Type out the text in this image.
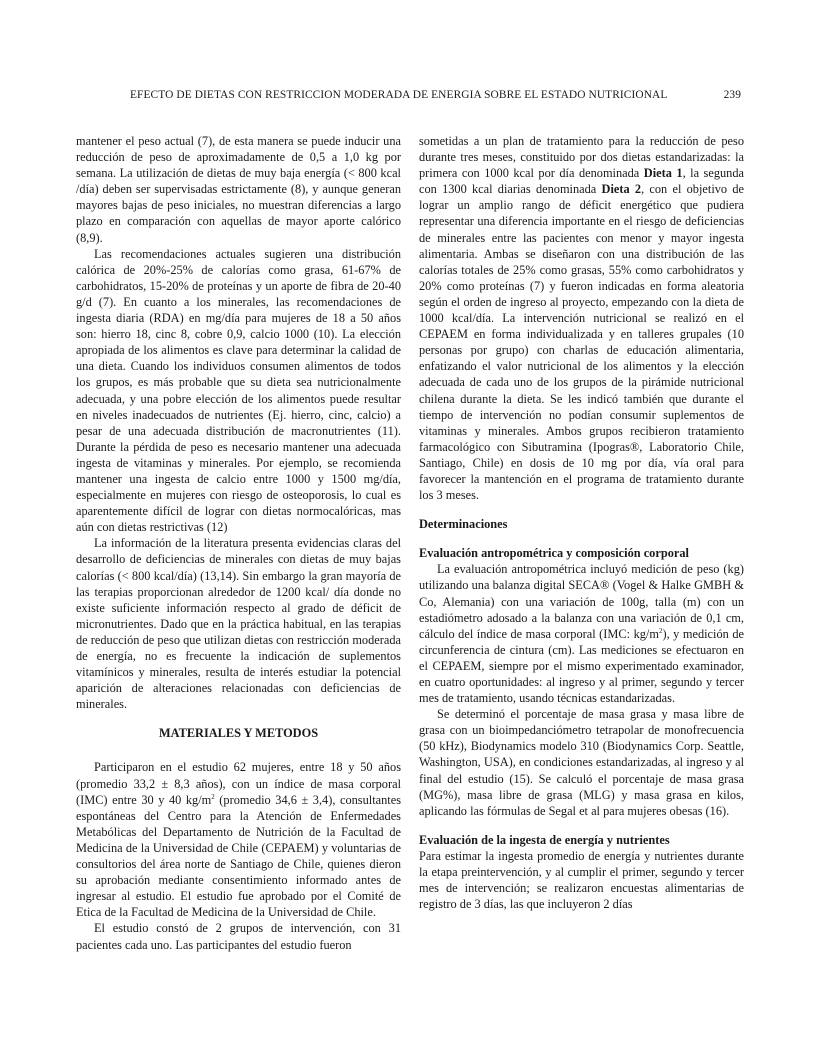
EFECTO DE DIETAS CON RESTRICCION MODERADA DE ENERGIA SOBRE EL ESTADO NUTRICIONAL	239

mantener el peso actual (7), de esta manera se puede inducir una reducción de peso de aproximadamente de 0,5 a 1,0 kg por semana. La utilización de dietas de muy baja energía (< 800 kcal /día) deben ser supervisadas estrictamente (8), y aunque generan mayores bajas de peso iniciales, no muestran diferencias a largo plazo en comparación con aquellas de mayor aporte calórico (8,9).

Las recomendaciones actuales sugieren una distribución calórica de 20%-25% de calorías como grasa, 61-67% de carbohidratos, 15-20% de proteínas y un aporte de fibra de 20-40 g/d (7). En cuanto a los minerales, las recomendaciones de ingesta diaria (RDA) en mg/día para mujeres de 18 a 50 años son: hierro 18, cinc 8, cobre 0,9, calcio 1000 (10). La elección apropiada de los alimentos es clave para determinar la calidad de una dieta. Cuando los individuos consumen alimentos de todos los grupos, es más probable que su dieta sea nutricionalmente adecuada, y una pobre elección de los alimentos puede resultar en niveles inadecuados de nutrientes (Ej. hierro, cinc, calcio) a pesar de una adecuada distribución de macronutrientes (11). Durante la pérdida de peso es necesario mantener una adecuada ingesta de vitaminas y minerales. Por ejemplo, se recomienda mantener una ingesta de calcio entre 1000 y 1500 mg/día, especialmente en mujeres con riesgo de osteoporosis, lo cual es aparentemente difícil de lograr con dietas normocalóricas, mas aún con dietas restrictivas (12)

La información de la literatura presenta evidencias claras del desarrollo de deficiencias de minerales con dietas de muy bajas calorías (< 800 kcal/día) (13,14). Sin embargo la gran mayoría de las terapias proporcionan alrededor de 1200 kcal/ día donde no existe suficiente información respecto al grado de déficit de micronutrientes. Dado que en la práctica habitual, en las terapias de reducción de peso que utilizan dietas con restricción moderada de energía, no es frecuente la indicación de suplementos vitamínicos y minerales, resulta de interés estudiar la potencial aparición de alteraciones relacionadas con deficiencias de minerales.

MATERIALES Y METODOS

Participaron en el estudio 62 mujeres, entre 18 y 50 años (promedio 33,2 ± 8,3 años), con un índice de masa corporal (IMC) entre 30 y 40 $kg/m^2$ (promedio 34,6 ± 3,4), consultantes espontáneas del Centro para la Atención de Enfermedades Metabólicas del Departamento de Nutrición de la Facultad de Medicina de la Universidad de Chile (CEPAEM) y voluntarias de consultorios del área norte de Santiago de Chile, quienes dieron su aprobación mediante consentimiento informado antes de ingresar al estudio. El estudio fue aprobado por el Comité de Etica de la Facultad de Medicina de la Universidad de Chile.

El estudio constó de 2 grupos de intervención, con 31 pacientes cada uno. Las participantes del estudio fueron

sometidas a un plan de tratamiento para la reducción de peso durante tres meses, constituido por dos dietas estandarizadas: la primera con 1000 kcal por día denominada Dieta 1, la segunda con 1300 kcal diarias denominada Dieta 2, con el objetivo de lograr un amplio rango de déficit energético que pudiera representar una diferencia importante en el riesgo de deficiencias de minerales entre las pacientes con menor y mayor ingesta alimentaria. Ambas se diseñaron con una distribución de las calorías totales de 25% como grasas, 55% como carbohidratos y 20% como proteínas (7) y fueron indicadas en forma aleatoria según el orden de ingreso al proyecto, empezando con la dieta de 1000 kcal/día. La intervención nutricional se realizó en el CEPAEM en forma individualizada y en talleres grupales (10 personas por grupo) con charlas de educación alimentaria, enfatizando el valor nutricional de los alimentos y la elección adecuada de cada uno de los grupos de la pirámide nutricional chilena durante la dieta. Se les indicó también que durante el tiempo de intervención no podían consumir suplementos de vitaminas y minerales. Ambos grupos recibieron tratamiento farmacológico con Sibutramina (Ipogras®, Laboratorio Chile, Santiago, Chile) en dosis de 10 mg por día, vía oral para favorecer la mantención en el programa de tratamiento durante los 3 meses.

Determinaciones

Evaluación antropométrica y composición corporal

La evaluación antropométrica incluyó medición de peso (kg) utilizando una balanza digital SECA® (Vogel & Halke GMBH & Co, Alemania) con una variación de 100g, talla (m) con un estadiómetro adosado a la balanza con una variación de 0,1 cm, cálculo del índice de masa corporal (IMC: $kg/m^2$), y medición de circunferencia de cintura (cm). Las mediciones se efectuaron en el CEPAEM, siempre por el mismo experimentado examinador, en cuatro oportunidades: al ingreso y al primer, segundo y tercer mes de tratamiento, usando técnicas estandarizadas.

Se determinó el porcentaje de masa grasa y masa libre de grasa con un bioimpedanciómetro tetrapolar de monofrecuencia (50 kHz), Biodynamics modelo 310 (Biodynamics Corp. Seattle, Washington, USA), en condiciones estandarizadas, al ingreso y al final del estudio (15). Se calculó el porcentaje de masa grasa (MG%), masa libre de grasa (MLG) y masa grasa en kilos, aplicando las fórmulas de Segal et al para mujeres obesas (16).

Evaluación de la ingesta de energía y nutrientes

Para estimar la ingesta promedio de energía y nutrientes durante la etapa preintervención, y al cumplir el primer, segundo y tercer mes de intervención; se realizaron encuestas alimentarias de registro de 3 días, las que incluyeron 2 días
